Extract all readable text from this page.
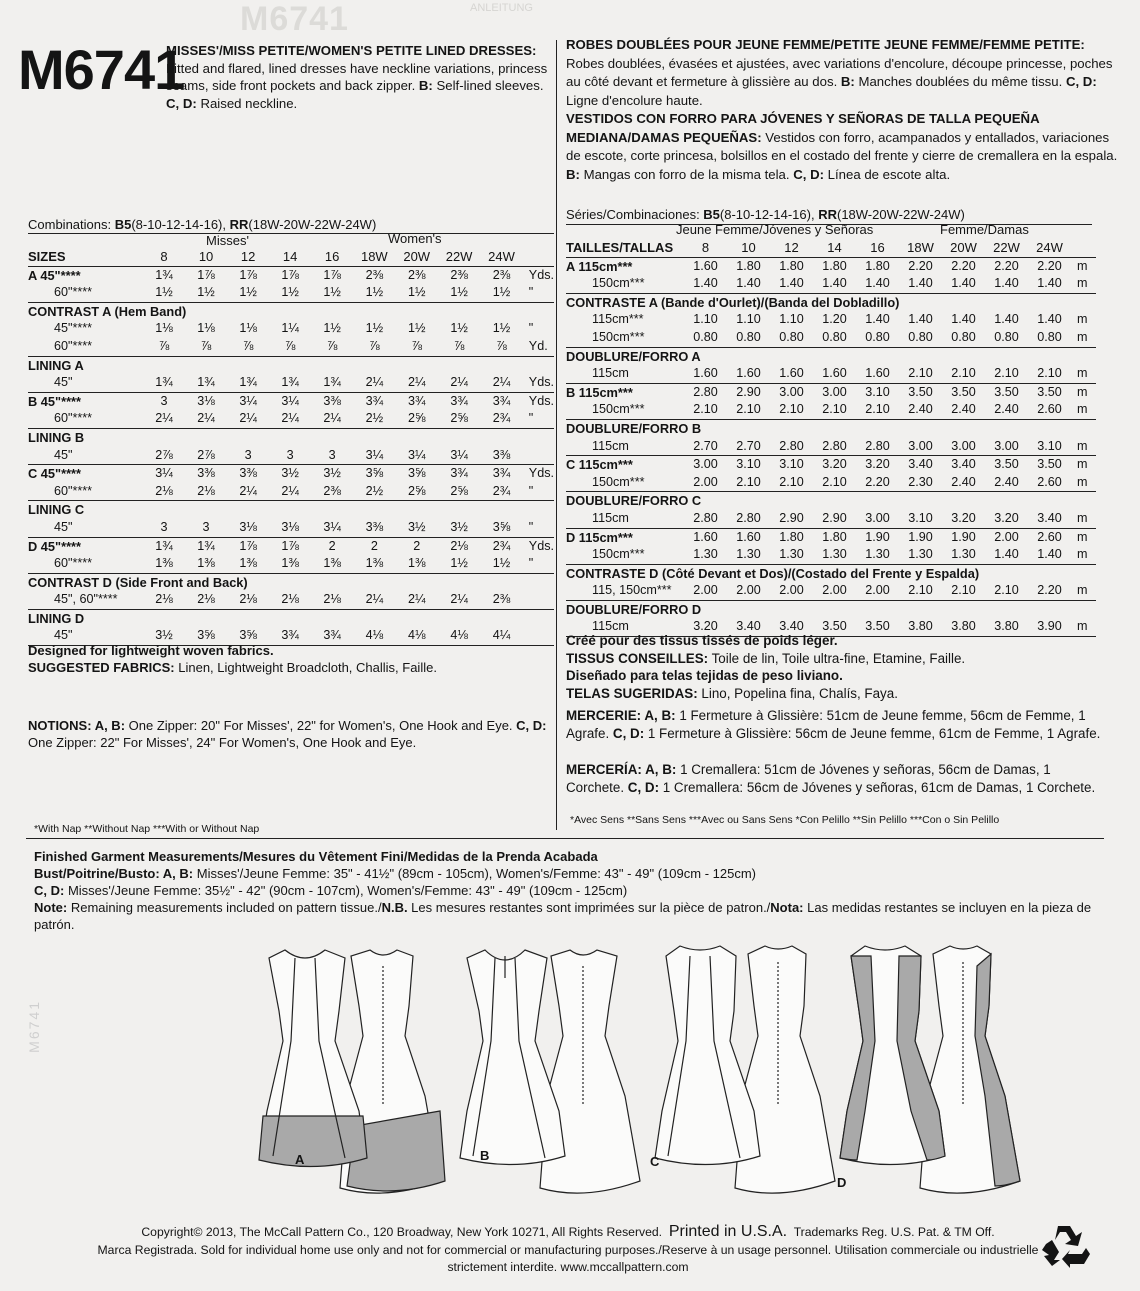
M6741	ANLEITUNG
M6741
MISSES'/MISS PETITE/WOMEN'S PETITE LINED DRESSES: Fitted and flared, lined dresses have neckline variations, princess seams, side front pockets and back zipper. B: Self-lined sleeves. C, D: Raised neckline.
ROBES DOUBLÉES POUR JEUNE FEMME/PETITE JEUNE FEMME/FEMME PETITE: Robes doublées, évasées et ajustées, avec variations d'encolure, découpe princesse, poches au côté devant et fermeture à glissière au dos. B: Manches doublées du même tissu. C, D: Ligne d'encolure haute.
VESTIDOS CON FORRO PARA JÓVENES Y SEÑORAS DE TALLA PEQUEÑA MEDIANA/DAMAS PEQUEÑAS: Vestidos con forro, acampanados y entallados, variaciones de escote, corte princesa, bolsillos en el costado del frente y cierre de cremallera en la espala. B: Mangas con forro de la misma tela. C, D: Línea de escote alta.
Combinations: B5(8-10-12-14-16), RR(18W-20W-22W-24W)
Misses'	Women's
SIZES	8	10	12	14	16	18W	20W	22W	24W	
A 45"****	1¾	1⅞	1⅞	1⅞	1⅞	2⅜	2⅜	2⅜	2⅜	Yds.
60"****	1½	1½	1½	1½	1½	1½	1½	1½	1½	"
CONTRAST A (Hem Band)										
45"****	1⅛	1⅛	1⅛	1¼	1½	1½	1½	1½	1½	"
60"****	⅞	⅞	⅞	⅞	⅞	⅞	⅞	⅞	⅞	Yd.
LINING A										
45"	1¾	1¾	1¾	1¾	1¾	2¼	2¼	2¼	2¼	Yds.
B 45"****	3	3⅛	3¼	3¼	3⅜	3¾	3¾	3¾	3¾	Yds.
60"****	2¼	2¼	2¼	2¼	2¼	2½	2⅝	2⅝	2¾	"
LINING B										
45"	2⅞	2⅞	3	3	3	3¼	3¼	3¼	3⅜	
C 45"****	3¼	3⅜	3⅜	3½	3½	3⅝	3⅝	3¾	3¾	Yds.
60"****	2⅛	2⅛	2¼	2¼	2⅜	2½	2⅝	2⅝	2¾	"
LINING C										
45"	3	3	3⅛	3⅛	3¼	3⅜	3½	3½	3⅝	"
D 45"****	1¾	1¾	1⅞	1⅞	2	2	2	2⅛	2¾	Yds.
60"****	1⅜	1⅜	1⅜	1⅜	1⅜	1⅜	1⅜	1½	1½	"
CONTRAST D (Side Front and Back)										
45", 60"****	2⅛	2⅛	2⅛	2⅛	2⅛	2¼	2¼	2¼	2⅜	
LINING D										
45"	3½	3⅝	3⅝	3¾	3¾	4⅛	4⅛	4⅛	4¼	
Séries/Combinaciones: B5(8-10-12-14-16), RR(18W-20W-22W-24W)
Jeune Femme/Jóvenes y Señoras	Femme/Damas
TAILLES/TALLAS	8	10	12	14	16	18W	20W	22W	24W	
A 115cm***	1.60	1.80	1.80	1.80	1.80	2.20	2.20	2.20	2.20	m
150cm***	1.40	1.40	1.40	1.40	1.40	1.40	1.40	1.40	1.40	m
CONTRASTE A (Bande d'Ourlet)/(Banda del Dobladillo)										
115cm***	1.10	1.10	1.10	1.20	1.40	1.40	1.40	1.40	1.40	m
150cm***	0.80	0.80	0.80	0.80	0.80	0.80	0.80	0.80	0.80	m
DOUBLURE/FORRO A										
115cm	1.60	1.60	1.60	1.60	1.60	2.10	2.10	2.10	2.10	m
B 115cm***	2.80	2.90	3.00	3.00	3.10	3.50	3.50	3.50	3.50	m
150cm***	2.10	2.10	2.10	2.10	2.10	2.40	2.40	2.40	2.60	m
DOUBLURE/FORRO B										
115cm	2.70	2.70	2.80	2.80	2.80	3.00	3.00	3.00	3.10	m
C 115cm***	3.00	3.10	3.10	3.20	3.20	3.40	3.40	3.50	3.50	m
150cm***	2.00	2.10	2.10	2.10	2.20	2.30	2.40	2.40	2.60	m
DOUBLURE/FORRO C										
115cm	2.80	2.80	2.90	2.90	3.00	3.10	3.20	3.20	3.40	m
D 115cm***	1.60	1.60	1.80	1.80	1.90	1.90	1.90	2.00	2.60	m
150cm***	1.30	1.30	1.30	1.30	1.30	1.30	1.30	1.40	1.40	m
CONTRASTE D (Côté Devant et Dos)/(Costado del Frente y Espalda)										
115, 150cm***	2.00	2.00	2.00	2.00	2.00	2.10	2.10	2.10	2.20	m
DOUBLURE/FORRO D										
115cm	3.20	3.40	3.40	3.50	3.50	3.80	3.80	3.80	3.90	m
Designed for lightweight woven fabrics.
SUGGESTED FABRICS: Linen, Lightweight Broadcloth, Challis, Faille.
NOTIONS: A, B: One Zipper: 20" For Misses', 22" for Women's, One Hook and Eye. C, D: One Zipper: 22" For Misses', 24" For Women's, One Hook and Eye.
*With Nap **Without Nap ***With or Without Nap
Créé pour des tissus tissés de poids léger.
TISSUS CONSEILLES: Toile de lin, Toile ultra-fine, Etamine, Faille.
Diseñado para telas tejidas de peso liviano.
TELAS SUGERIDAS: Lino, Popelina fina, Chalís, Faya.
MERCERIE: A, B: 1 Fermeture à Glissière: 51cm de Jeune femme, 56cm de Femme, 1 Agrafe. C, D: 1 Fermeture à Glissière: 56cm de Jeune femme, 61cm de Femme, 1 Agrafe.
MERCERÍA: A, B: 1 Cremallera: 51cm de Jóvenes y señoras, 56cm de Damas, 1 Corchete. C, D: 1 Cremallera: 56cm de Jóvenes y señoras, 61cm de Damas, 1 Corchete.
*Avec Sens **Sans Sens ***Avec ou Sans Sens *Con Pelillo **Sin Pelillo ***Con o Sin Pelillo
Finished Garment Measurements/Mesures du Vêtement Fini/Medidas de la Prenda Acabada
Bust/Poitrine/Busto: A, B: Misses'/Jeune Femme: 35" - 41½" (89cm - 105cm), Women's/Femme: 43" - 49" (109cm - 125cm)
C, D: Misses'/Jeune Femme: 35½" - 42" (90cm - 107cm), Women's/Femme: 43" - 49" (109cm - 125cm)
Note: Remaining measurements included on pattern tissue./N.B. Les mesures restantes sont imprimées sur la pièce de patron./Nota: Las medidas restantes se incluyen en la pieza de patrón.
M6741
A	B	C
D
Copyright© 2013, The McCall Pattern Co., 120 Broadway, New York 10271, All Rights Reserved. Printed in U.S.A. Trademarks Reg. U.S. Pat. & TM Off.
Marca Registrada. Sold for individual home use only and not for commercial or manufacturing purposes./Reserve à un usage personnel. Utilisation commerciale ou industrielle strictement interdite. www.mccallpattern.com
